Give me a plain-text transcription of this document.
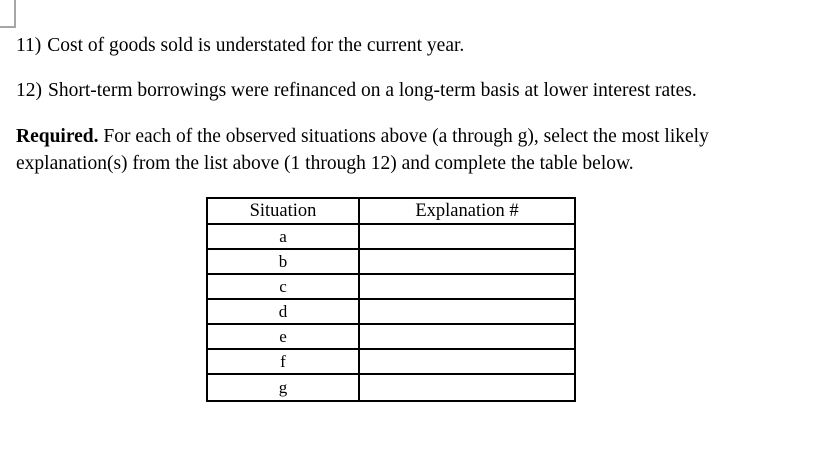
11) Cost of goods sold is understated for the current year.
12) Short-term borrowings were refinanced on a long-term basis at lower interest rates.
Required. For each of the observed situations above (a through g), select the most likely explanation(s) from the list above (1 through 12) and complete the table below.
Situation	Explanation #
a	
b	
c	
d	
e	
f	
g	
